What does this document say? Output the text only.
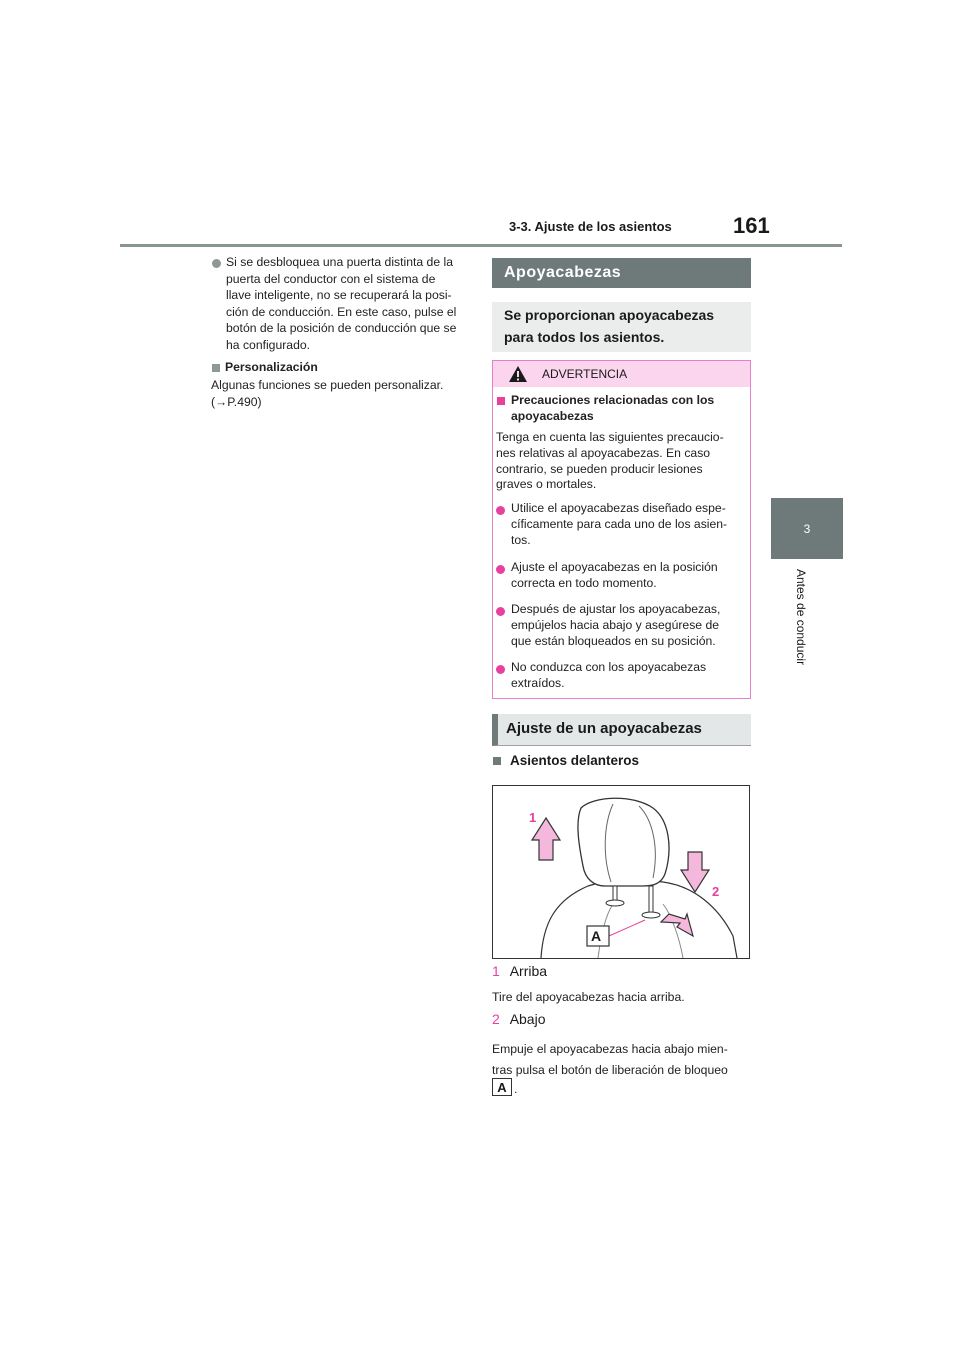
3-3. Ajuste de los asientos	161
3
Antes de conducir
Si se desbloquea una puerta distinta de la
puerta del conductor con el sistema de
llave inteligente, no se recuperará la posi-
ción de conducción. En este caso, pulse el
botón de la posición de conducción que se
ha configurado.
Personalización
Algunas funciones se pueden personalizar.
(→P.490)
Apoyacabezas
Se proporcionan apoyacabezas
para todos los asientos.
ADVERTENCIA
Precauciones relacionadas con los
apoyacabezas
Tenga en cuenta las siguientes precaucio-
nes relativas al apoyacabezas. En caso
contrario, se pueden producir lesiones
graves o mortales.
Utilice el apoyacabezas diseñado espe-
cíficamente para cada uno de los asien-
tos.
Ajuste el apoyacabezas en la posición
correcta en todo momento.
Después de ajustar los apoyacabezas,
empújelos hacia abajo y asegúrese de
que están bloqueados en su posición.
No conduzca con los apoyacabezas
extraídos.
Ajuste de un apoyacabezas
Asientos delanteros
1
2
A
1 Arriba
Tire del apoyacabezas hacia arriba.
2 Abajo
Empuje el apoyacabezas hacia abajo mien-
tras pulsa el botón de liberación de bloqueo
A .
